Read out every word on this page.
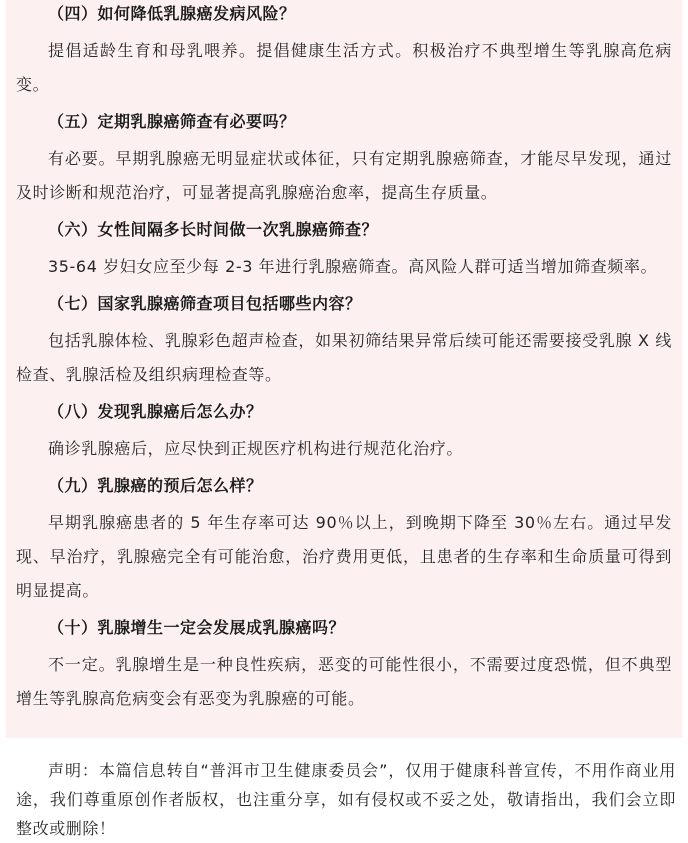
（四）如何降低乳腺癌发病风险？

提倡适龄生育和母乳喂养。提倡健康生活方式。积极治疗不典型增生等乳腺高危病变。

（五）定期乳腺癌筛查有必要吗？

有必要。早期乳腺癌无明显症状或体征，只有定期乳腺癌筛查，才能尽早发现，通过及时诊断和规范治疗，可显著提高乳腺癌治愈率，提高生存质量。

（六）女性间隔多长时间做一次乳腺癌筛查？

35-64 岁妇女应至少每 2-3 年进行乳腺癌筛查。高风险人群可适当增加筛查频率。

（七）国家乳腺癌筛查项目包括哪些内容？

包括乳腺体检、乳腺彩色超声检查，如果初筛结果异常后续可能还需要接受乳腺 X 线检查、乳腺活检及组织病理检查等。

（八）发现乳腺癌后怎么办？

确诊乳腺癌后，应尽快到正规医疗机构进行规范化治疗。

（九）乳腺癌的预后怎么样？

早期乳腺癌患者的 5 年生存率可达 90％以上，到晚期下降至 30％左右。通过早发现、早治疗，乳腺癌完全有可能治愈，治疗费用更低，且患者的生存率和生命质量可得到明显提高。

（十）乳腺增生一定会发展成乳腺癌吗？

不一定。乳腺增生是一种良性疾病，恶变的可能性很小，不需要过度恐慌，但不典型增生等乳腺高危病变会有恶变为乳腺癌的可能。

声明：本篇信息转自“普洱市卫生健康委员会”，仅用于健康科普宣传，不用作商业用途，我们尊重原创作者版权，也注重分享，如有侵权或不妥之处，敬请指出，我们会立即整改或删除！
